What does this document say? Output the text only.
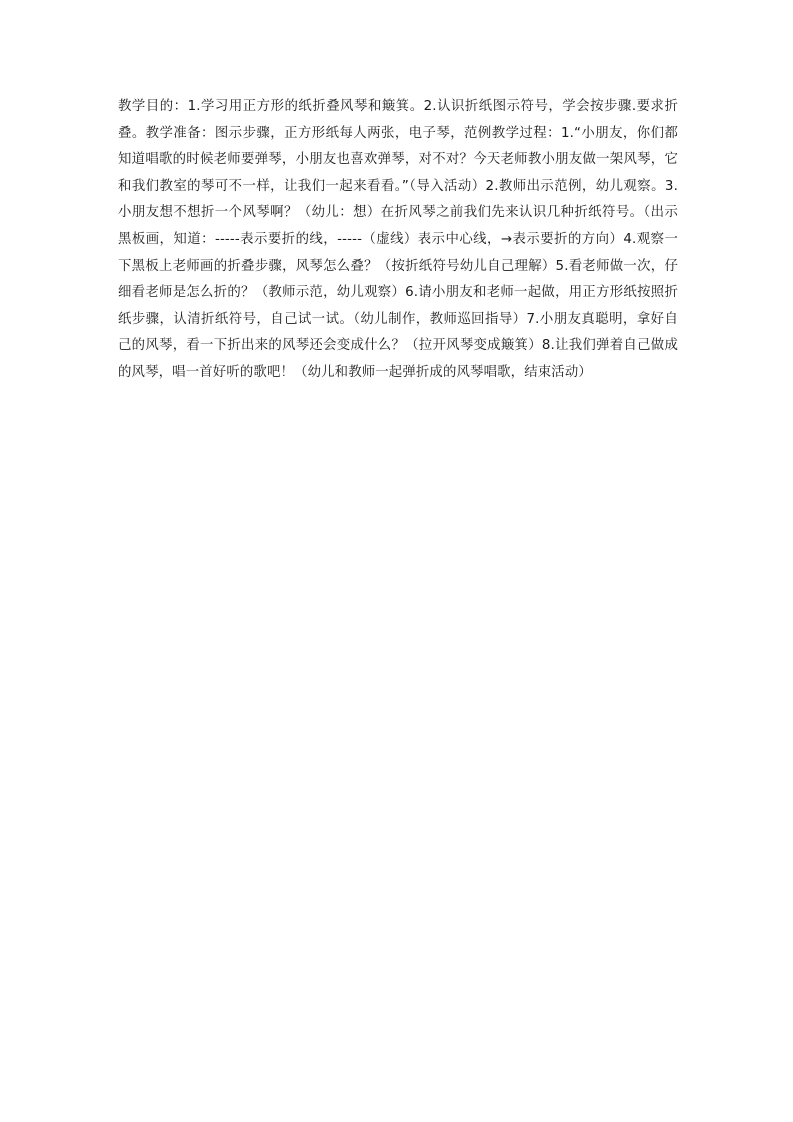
教学目的：1.学习用正方形的纸折叠风琴和簸箕。2.认识折纸图示符号，学会按步骤.要求折叠。教学准备：图示步骤，正方形纸每人两张，电子琴，范例教学过程：1.“小朋友，你们都知道唱歌的时候老师要弹琴，小朋友也喜欢弹琴，对不对？今天老师教小朋友做一架风琴，它和我们教室的琴可不一样，让我们一起来看看。”（导入活动）2.教师出示范例，幼儿观察。3.小朋友想不想折一个风琴啊？（幼儿：想）在折风琴之前我们先来认识几种折纸符号。（出示黑板画，知道：-----表示要折的线，-----（虚线）表示中心线，→表示要折的方向）4.观察一下黑板上老师画的折叠步骤，风琴怎么叠？（按折纸符号幼儿自己理解）5.看老师做一次，仔细看老师是怎么折的？（教师示范，幼儿观察）6.请小朋友和老师一起做，用正方形纸按照折纸步骤，认清折纸符号，自己试一试。（幼儿制作，教师巡回指导）7.小朋友真聪明，拿好自己的风琴，看一下折出来的风琴还会变成什么？（拉开风琴变成簸箕）8.让我们弹着自己做成的风琴，唱一首好听的歌吧！（幼儿和教师一起弹折成的风琴唱歌，结束活动）
